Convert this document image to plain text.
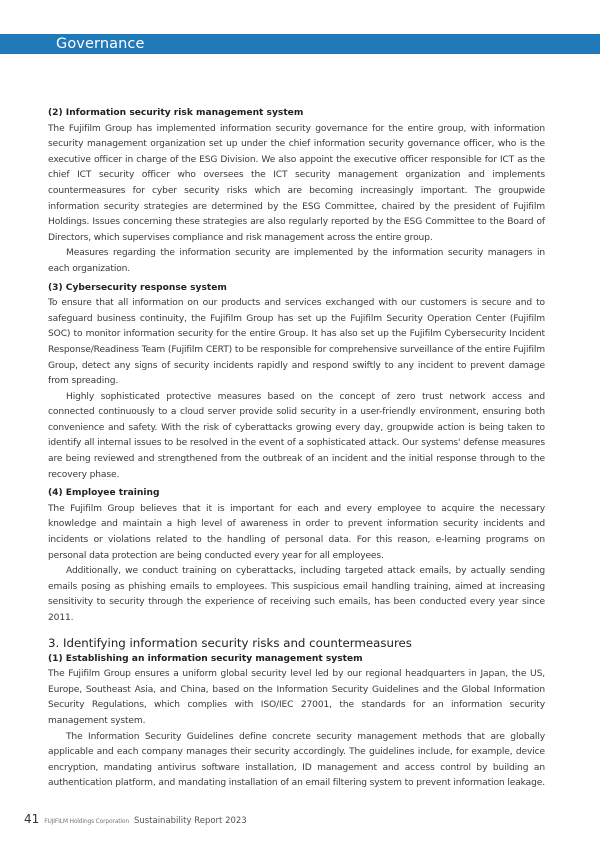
Governance

(2) Information security risk management system

The Fujifilm Group has implemented information security governance for the entire group, with information security management organization set up under the chief information security governance officer, who is the executive officer in charge of the ESG Division. We also appoint the executive officer responsible for ICT as the chief ICT security officer who oversees the ICT security management organization and implements countermeasures for cyber security risks which are becoming increasingly important. The groupwide information security strategies are determined by the ESG Committee, chaired by the president of Fujifilm Holdings. Issues concerning these strategies are also regularly reported by the ESG Committee to the Board of Directors, which supervises compliance and risk management across the entire group.

Measures regarding the information security are implemented by the information security managers in each organization.

(3) Cybersecurity response system

To ensure that all information on our products and services exchanged with our customers is secure and to safeguard business continuity, the Fujifilm Group has set up the Fujifilm Security Operation Center (Fujifilm SOC) to monitor information security for the entire Group. It has also set up the Fujifilm Cybersecurity Incident Response/Readiness Team (Fujifilm CERT) to be responsible for comprehensive surveillance of the entire Fujifilm Group, detect any signs of security incidents rapidly and respond swiftly to any incident to prevent damage from spreading.

Highly sophisticated protective measures based on the concept of zero trust network access and connected continuously to a cloud server provide solid security in a user-friendly environment, ensuring both convenience and safety. With the risk of cyberattacks growing every day, groupwide action is being taken to identify all internal issues to be resolved in the event of a sophisticated attack. Our systems' defense measures are being reviewed and strengthened from the outbreak of an incident and the initial response through to the recovery phase.

(4) Employee training

The Fujifilm Group believes that it is important for each and every employee to acquire the necessary knowledge and maintain a high level of awareness in order to prevent information security incidents and incidents or violations related to the handling of personal data. For this reason, e-learning programs on personal data protection are being conducted every year for all employees.

Additionally, we conduct training on cyberattacks, including targeted attack emails, by actually sending emails posing as phishing emails to employees. This suspicious email handling training, aimed at increasing sensitivity to security through the experience of receiving such emails, has been conducted every year since 2011.

3. Identifying information security risks and countermeasures

(1) Establishing an information security management system

The Fujifilm Group ensures a uniform global security level led by our regional headquarters in Japan, the US, Europe, Southeast Asia, and China, based on the Information Security Guidelines and the Global Information Security Regulations, which complies with ISO/IEC 27001, the standards for an information security management system.

The Information Security Guidelines define concrete security management methods that are globally applicable and each company manages their security accordingly. The guidelines include, for example, device encryption, mandating antivirus software installation, ID management and access control by building an authentication platform, and mandating installation of an email filtering system to prevent information leakage.

41 FUJIFILM Holdings Corporation Sustainability Report 2023
